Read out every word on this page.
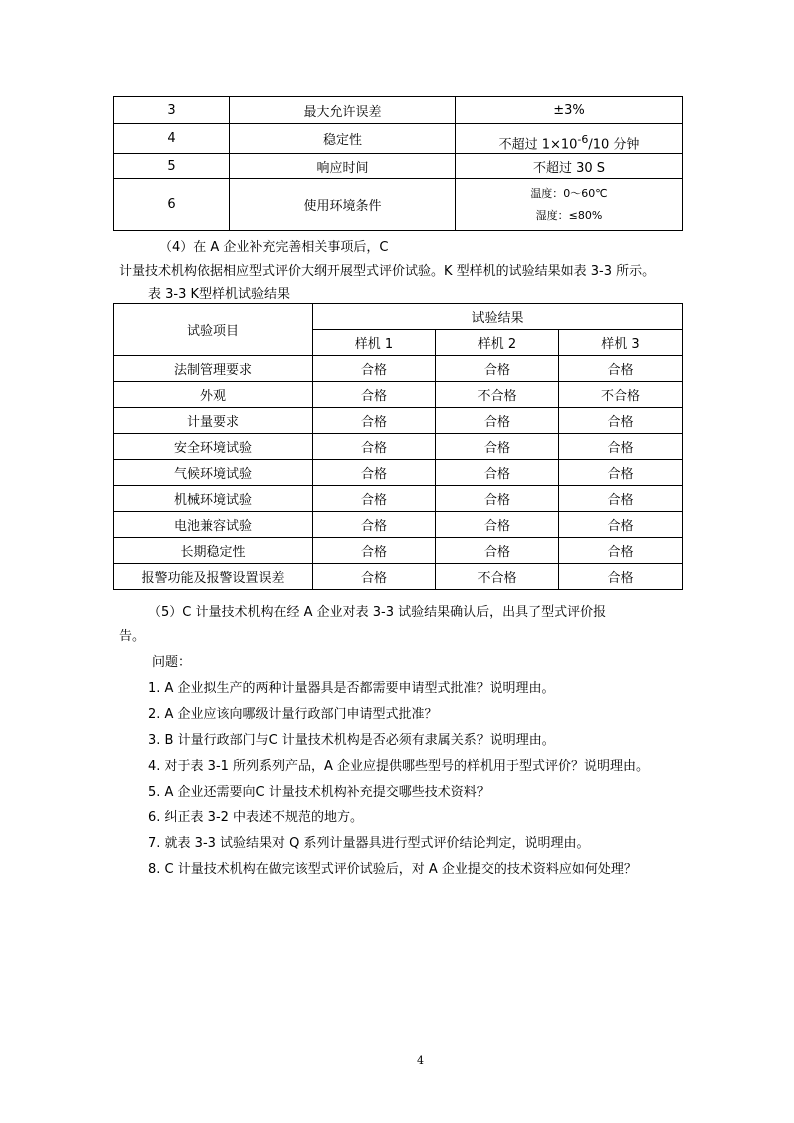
3	最大允许误差	±3%
4	稳定性	不超过 $1\times 10^{-6}/10$ 分钟
5	响应时间	不超过 30 S
6	使用环境条件	温度：0～60℃
湿度：≤80%
（4）在 A 企业补充完善相关事项后，C
计量技术机构依据相应型式评价大纲开展型式评价试验。K 型样机的试验结果如表 3-3 所示。
表 3-3 K型样机试验结果
试验项目	试验结果		
	样机 1	样机 2	样机 3
法制管理要求	合格	合格	合格
外观	合格	不合格	不合格
计量要求	合格	合格	合格
安全环境试验	合格	合格	合格
气候环境试验	合格	合格	合格
机械环境试验	合格	合格	合格
电池兼容试验	合格	合格	合格
长期稳定性	合格	合格	合格
报警功能及报警设置误差	合格	不合格	合格
（5）C 计量技术机构在经 A 企业对表 3-3 试验结果确认后，出具了型式评价报
告。
问题：
1. A 企业拟生产的两种计量器具是否都需要申请型式批准？说明理由。
2. A 企业应该向哪级计量行政部门申请型式批准？
3. B 计量行政部门与C 计量技术机构是否必须有隶属关系？说明理由。
4. 对于表 3-1 所列系列产品，A 企业应提供哪些型号的样机用于型式评价？说明理由。
5. A 企业还需要向C 计量技术机构补充提交哪些技术资料？
6. 纠正表 3-2 中表述不规范的地方。
7. 就表 3-3 试验结果对 Q 系列计量器具进行型式评价结论判定，说明理由。
8. C 计量技术机构在做完该型式评价试验后，对 A 企业提交的技术资料应如何处理？
4
